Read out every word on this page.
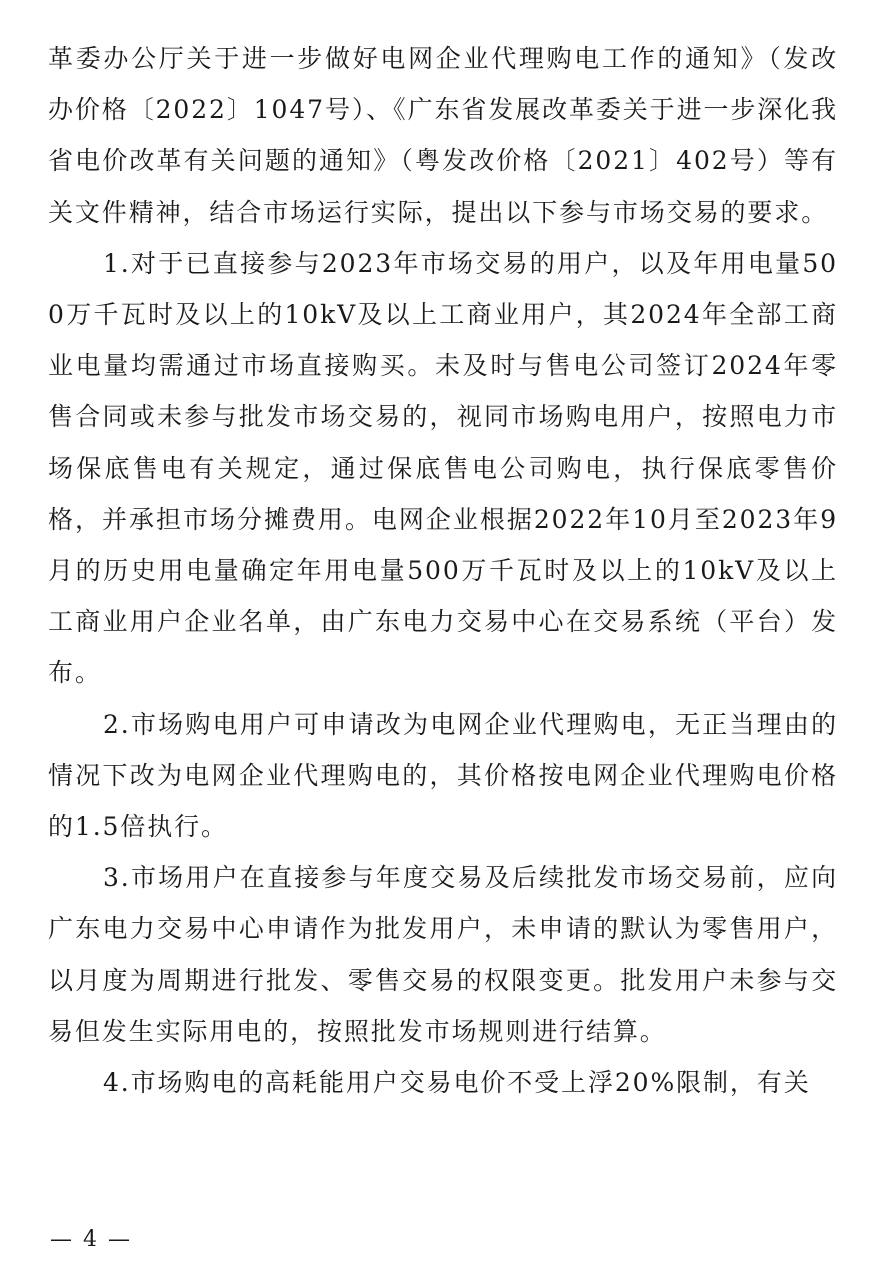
革委办公厅关于进一步做好电网企业代理购电工作的通知》（发改办价格〔2022〕1047号）、《广东省发展改革委关于进一步深化我省电价改革有关问题的通知》（粤发改价格〔2021〕402号）等有关文件精神，结合市场运行实际，提出以下参与市场交易的要求。

1.对于已直接参与2023年市场交易的用户，以及年用电量500万千瓦时及以上的10kV及以上工商业用户，其2024年全部工商业电量均需通过市场直接购买。未及时与售电公司签订2024年零售合同或未参与批发市场交易的，视同市场购电用户，按照电力市场保底售电有关规定，通过保底售电公司购电，执行保底零售价格，并承担市场分摊费用。电网企业根据2022年10月至2023年9月的历史用电量确定年用电量500万千瓦时及以上的10kV及以上工商业用户企业名单，由广东电力交易中心在交易系统（平台）发布。

2.市场购电用户可申请改为电网企业代理购电，无正当理由的情况下改为电网企业代理购电的，其价格按电网企业代理购电价格的1.5倍执行。

3.市场用户在直接参与年度交易及后续批发市场交易前，应向广东电力交易中心申请作为批发用户，未申请的默认为零售用户，以月度为周期进行批发、零售交易的权限变更。批发用户未参与交易但发生实际用电的，按照批发市场规则进行结算。

4.市场购电的高耗能用户交易电价不受上浮20%限制，有关

— 4 —
